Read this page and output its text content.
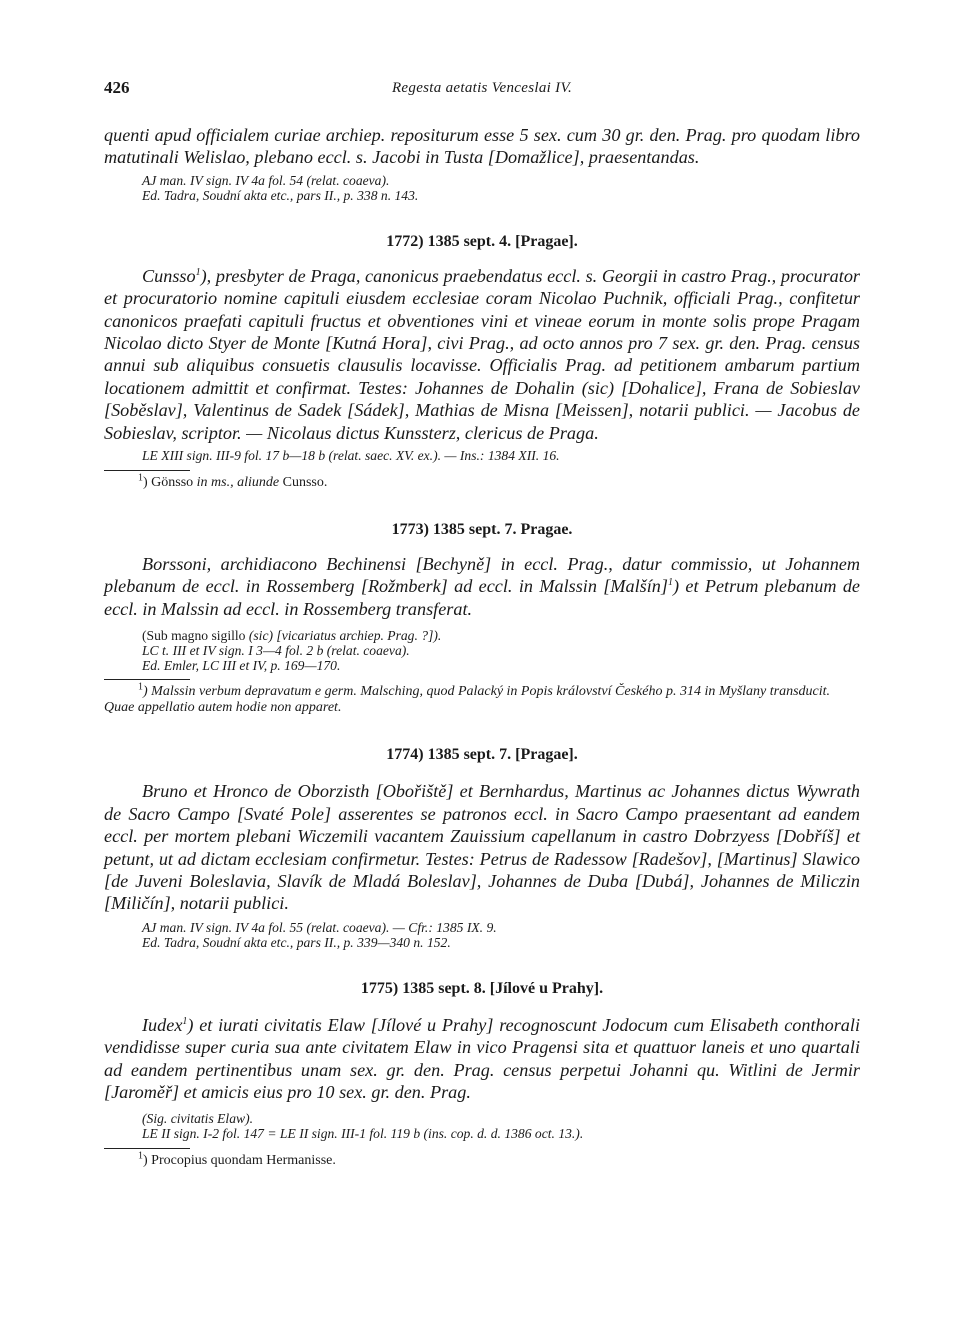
426	Regesta aetatis Venceslai IV.

quenti apud officialem curiae archiep. repositurum esse 5 sex. cum 30 gr. den. Prag. pro quodam libro matutinali Welislao, plebano eccl. s. Jacobi in Tusta [Domažlice], praesentandas.

AJ man. IV sign. IV 4a fol. 54 (relat. coaeva).

Ed. Tadra, Soudní akta etc., pars II., p. 338 n. 143.

1772) 1385 sept. 4. [Pragae].

Cunsso$^1$), presbyter de Praga, canonicus praebendatus eccl. s. Georgii in castro Prag., procurator et procuratorio nomine capituli eiusdem ecclesiae coram Nicolao Puchnik, officiali Prag., confitetur canonicos praefati capituli fructus et obventiones vini et vineae eorum in monte solis prope Pragam Nicolao dicto Styer de Monte [Kutná Hora], civi Prag., ad octo annos pro 7 sex. gr. den. Prag. census annui sub aliquibus consuetis clausulis locavisse. Officialis Prag. ad petitionem ambarum partium locationem admittit et confirmat. Testes: Johannes de Dohalin (sic) [Dohalice], Frana de Sobieslav [Soběslav], Valentinus de Sadek [Sádek], Mathias de Misna [Meissen], notarii publici. — Jacobus de Sobieslav, scriptor. — Nicolaus dictus Kunssterz, clericus de Praga.

LE XIII sign. III-9 fol. 17 b—18 b (relat. saec. XV. ex.). — Ins.: 1384 XII. 16.

$^1$) Gönsso in ms., aliunde Cunsso.

1773) 1385 sept. 7. Pragae.

Borssoni, archidiacono Bechinensi [Bechyně] in eccl. Prag., datur commissio, ut Johannem plebanum de eccl. in Rossemberg [Rožmberk] ad eccl. in Malssin [Malšín]$^1$) et Petrum plebanum de eccl. in Malssin ad eccl. in Rossemberg transferat.

(Sub magno sigillo (sic) [vicariatus archiep. Prag. ?]).

LC t. III et IV sign. I 3—4 fol. 2 b (relat. coaeva).

Ed. Emler, LC III et IV, p. 169—170.

$^1$) Malssin verbum depravatum e germ. Malsching, quod Palacký in Popis království Českého p. 314 in Myšlany transducit. Quae appellatio autem hodie non apparet.

1774) 1385 sept. 7. [Pragae].

Bruno et Hronco de Oborzisth [Obořiště] et Bernhardus, Martinus ac Johannes dictus Wywrath de Sacro Campo [Svaté Pole] asserentes se patronos eccl. in Sacro Campo praesentant ad eandem eccl. per mortem plebani Wiczemili vacantem Zauissium capellanum in castro Dobrzyess [Dobříš] et petunt, ut ad dictam ecclesiam confirmetur. Testes: Petrus de Radessow [Radešov], [Martinus] Slawico [de Juveni Boleslavia, Slavík de Mladá Boleslav], Johannes de Duba [Dubá], Johannes de Miliczin [Miličín], notarii publici.

AJ man. IV sign. IV 4a fol. 55 (relat. coaeva). — Cfr.: 1385 IX. 9.

Ed. Tadra, Soudní akta etc., pars II., p. 339—340 n. 152.

1775) 1385 sept. 8. [Jílové u Prahy].

Iudex$^1$) et iurati civitatis Elaw [Jílové u Prahy] recognoscunt Jodocum cum Elisabeth conthorali vendidisse super curia sua ante civitatem Elaw in vico Pragensi sita et quattuor laneis et uno quartali ad eandem pertinentibus unam sex. gr. den. Prag. census perpetui Johanni qu. Witlini de Jermir [Jaroměř] et amicis eius pro 10 sex. gr. den. Prag.

(Sig. civitatis Elaw).

LE II sign. I-2 fol. 147 = LE II sign. III-1 fol. 119 b (ins. cop. d. d. 1386 oct. 13.).

$^1$) Procopius quondam Hermanisse.
